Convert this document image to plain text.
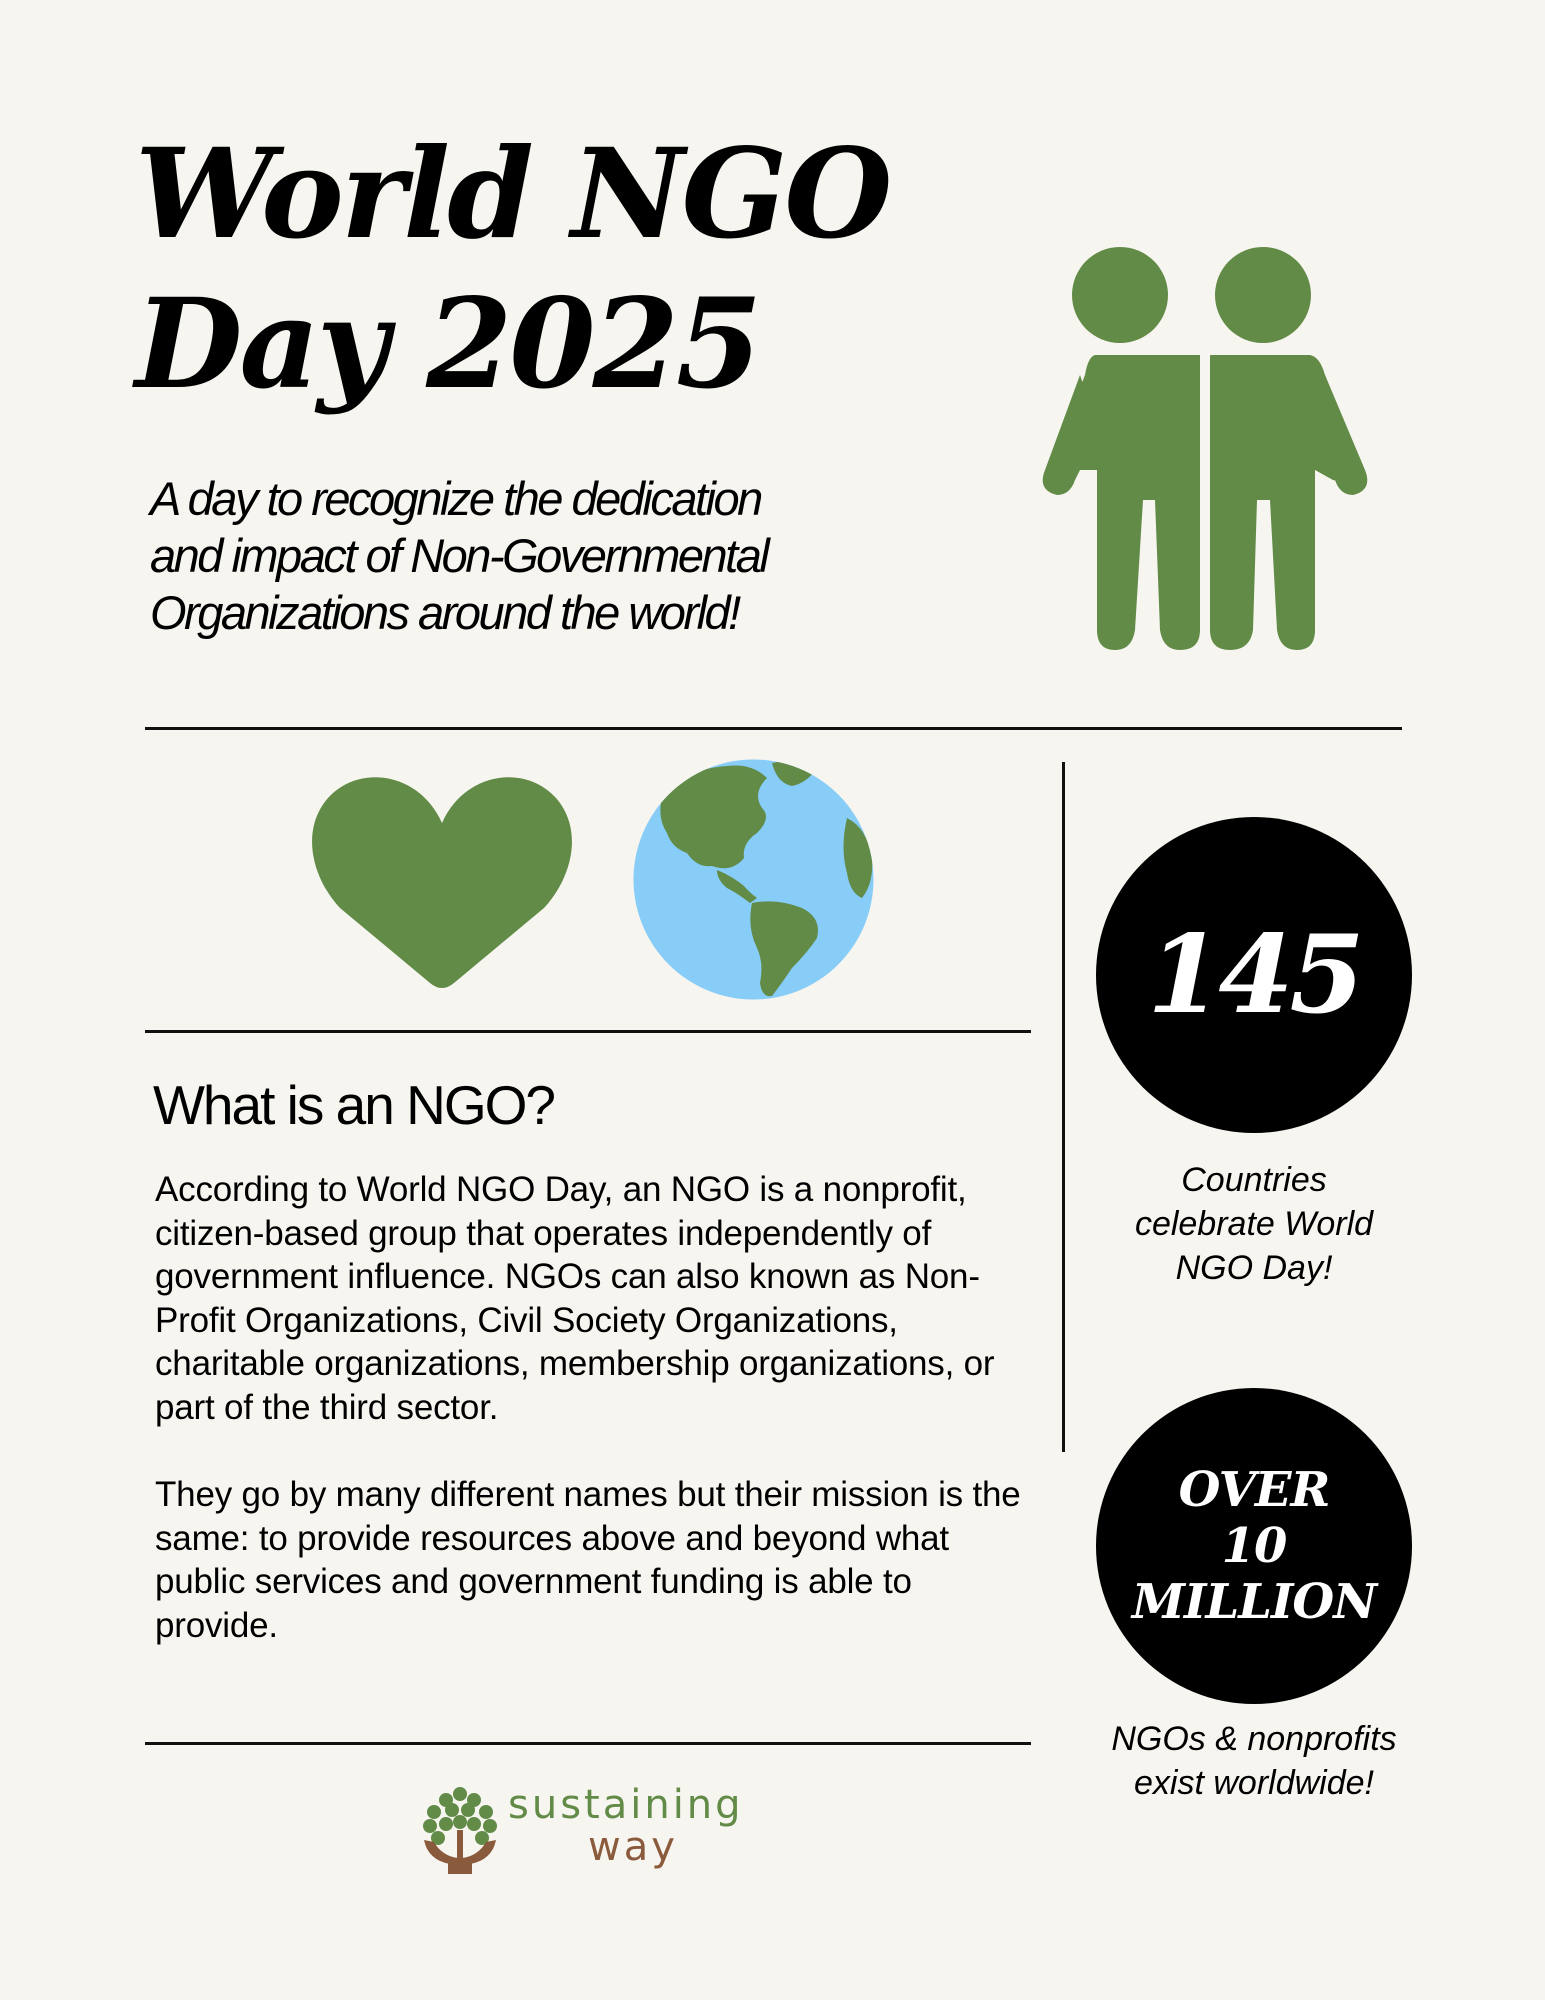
World NGO
Day 2025
A day to recognize the dedication
and impact of Non-Governmental
Organizations around the world!
What is an NGO?

According to World NGO Day, an NGO is a nonprofit, citizen-based group that operates independently of government influence. NGOs can also known as Non-Profit Organizations, Civil Society Organizations, charitable organizations, membership organizations, or part of the third sector.

They go by many different names but their mission is the same: to provide resources above and beyond what public services and government funding is able to provide.

145
Countries
celebrate World
NGO Day!
OVER
10
MILLION
NGOs & nonprofits
exist worldwide!
sustaining
way
